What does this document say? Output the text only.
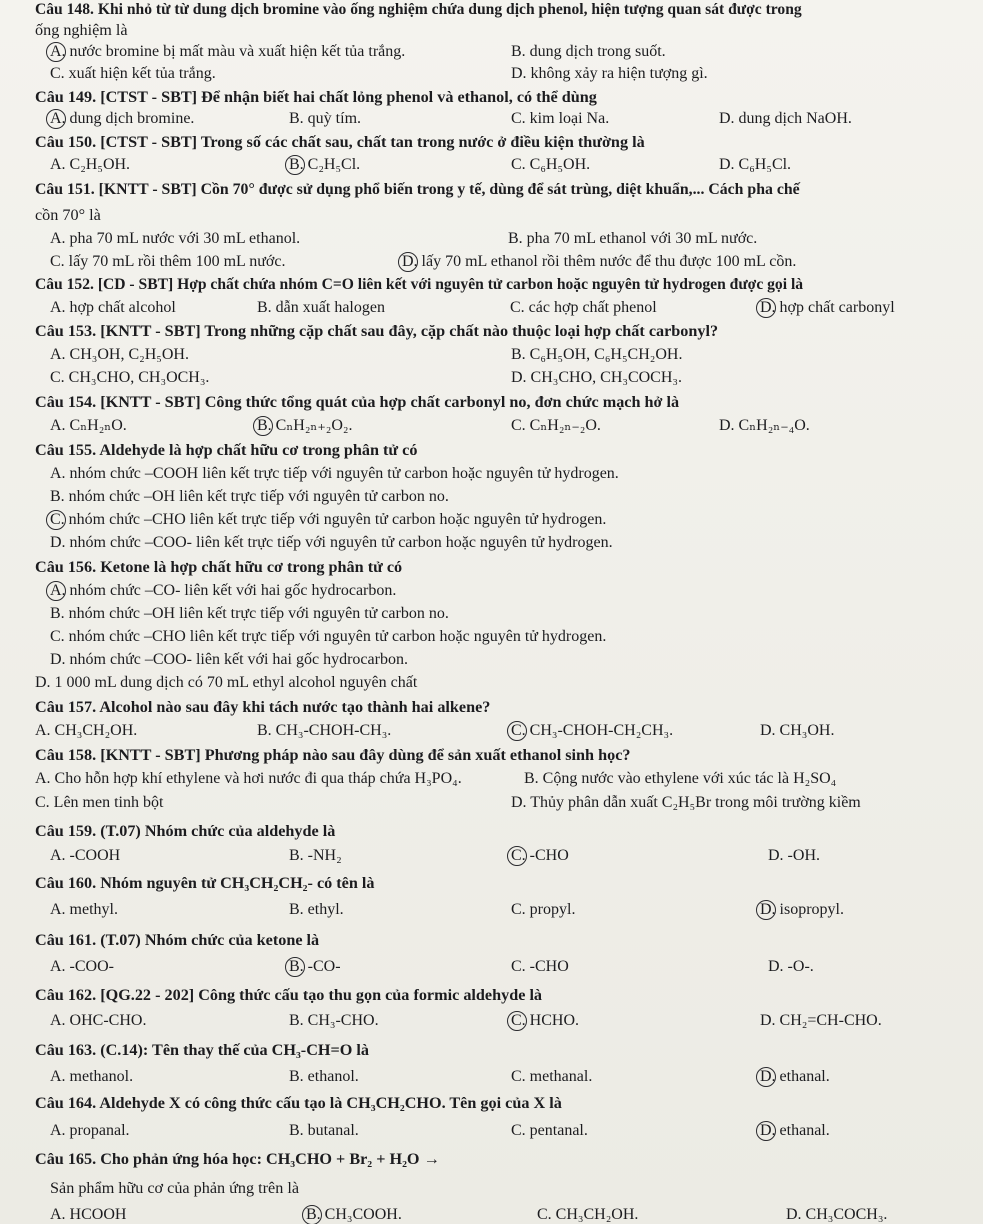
Câu 148. Khi nhỏ từ từ dung dịch bromine vào ống nghiệm chứa dung dịch phenol, hiện tượng quan sát được trong
ống nghiệm là
A. nước bromine bị mất màu và xuất hiện kết tủa trắng.	B. dung dịch trong suốt.
C. xuất hiện kết tủa trắng.	D. không xảy ra hiện tượng gì.
Câu 149. [CTST - SBT] Để nhận biết hai chất lỏng phenol và ethanol, có thể dùng
A. dung dịch bromine.	B. quỳ tím.	C. kim loại Na.	D. dung dịch NaOH.
Câu 150. [CTST - SBT] Trong số các chất sau, chất tan trong nước ở điều kiện thường là
A. C₂H₅OH.	B. C₂H₅Cl.	C. C₆H₅OH.	D. C₆H₅Cl.
Câu 151. [KNTT - SBT] Cồn 70° được sử dụng phổ biến trong y tế, dùng để sát trùng, diệt khuẩn,... Cách pha chế
cồn 70° là
A. pha 70 mL nước với 30 mL ethanol.	B. pha 70 mL ethanol với 30 mL nước.
C. lấy 70 mL rồi thêm 100 mL nước.	D. lấy 70 mL ethanol rồi thêm nước để thu được 100 mL cồn.
Câu 152. [CD - SBT] Hợp chất chứa nhóm C=O liên kết với nguyên tử carbon hoặc nguyên tử hydrogen được gọi là
A. hợp chất alcohol	B. dẫn xuất halogen	C. các hợp chất phenol	D. hợp chất carbonyl
Câu 153. [KNTT - SBT] Trong những cặp chất sau đây, cặp chất nào thuộc loại hợp chất carbonyl?
A. CH₃OH, C₂H₅OH.	B. C₆H₅OH, C₆H₅CH₂OH.
C. CH₃CHO, CH₃OCH₃.	D. CH₃CHO, CH₃COCH₃.
Câu 154. [KNTT - SBT] Công thức tổng quát của hợp chất carbonyl no, đơn chức mạch hở là
A. CₙH₂ₙO.	B. CₙH₂ₙ₊₂O₂.	C. CₙH₂ₙ₋₂O.	D. CₙH₂ₙ₋₄O.
Câu 155. Aldehyde là hợp chất hữu cơ trong phân tử có
A. nhóm chức –COOH liên kết trực tiếp với nguyên tử carbon hoặc nguyên tử hydrogen.
B. nhóm chức –OH liên kết trực tiếp với nguyên tử carbon no.
C. nhóm chức –CHO liên kết trực tiếp với nguyên tử carbon hoặc nguyên tử hydrogen.
D. nhóm chức –COO- liên kết trực tiếp với nguyên tử carbon hoặc nguyên tử hydrogen.
Câu 156. Ketone là hợp chất hữu cơ trong phân tử có
A. nhóm chức –CO- liên kết với hai gốc hydrocarbon.
B. nhóm chức –OH liên kết trực tiếp với nguyên tử carbon no.
C. nhóm chức –CHO liên kết trực tiếp với nguyên tử carbon hoặc nguyên tử hydrogen.
D. nhóm chức –COO- liên kết với hai gốc hydrocarbon.
D. 1 000 mL dung dịch có 70 mL ethyl alcohol nguyên chất
Câu 157. Alcohol nào sau đây khi tách nước tạo thành hai alkene?
A. CH₃CH₂OH.	B. CH₃-CHOH-CH₃.	C. CH₃-CHOH-CH₂CH₃.	D. CH₃OH.
Câu 158. [KNTT - SBT] Phương pháp nào sau đây dùng để sản xuất ethanol sinh học?
A. Cho hỗn hợp khí ethylene và hơi nước đi qua tháp chứa H₃PO₄.	B. Cộng nước vào ethylene với xúc tác là H₂SO₄
C. Lên men tinh bột	D. Thủy phân dẫn xuất C₂H₅Br trong môi trường kiềm
Câu 159. (T.07) Nhóm chức của aldehyde là
A. -COOH	B. -NH₂	C. -CHO	D. -OH.
Câu 160. Nhóm nguyên tử CH₃CH₂CH₂- có tên là
A. methyl.	B. ethyl.	C. propyl.	D. isopropyl.
Câu 161. (T.07) Nhóm chức của ketone là
A. -COO-	B. -CO-	C. -CHO	D. -O-.
Câu 162. [QG.22 - 202] Công thức cấu tạo thu gọn của formic aldehyde là
A. OHC-CHO.	B. CH₃-CHO.	C. HCHO.	D. CH₂=CH-CHO.
Câu 163. (C.14): Tên thay thế của CH₃-CH=O là
A. methanol.	B. ethanol.	C. methanal.	D. ethanal.
Câu 164. Aldehyde X có công thức cấu tạo là CH₃CH₂CHO. Tên gọi của X là
A. propanal.	B. butanal.	C. pentanal.	D. ethanal.
Câu 165. Cho phản ứng hóa học: CH₃CHO + Br₂ + H₂O →
Sản phẩm hữu cơ của phản ứng trên là
A. HCOOH	B. CH₃COOH.	C. CH₃CH₂OH.	D. CH₃COCH₃.
